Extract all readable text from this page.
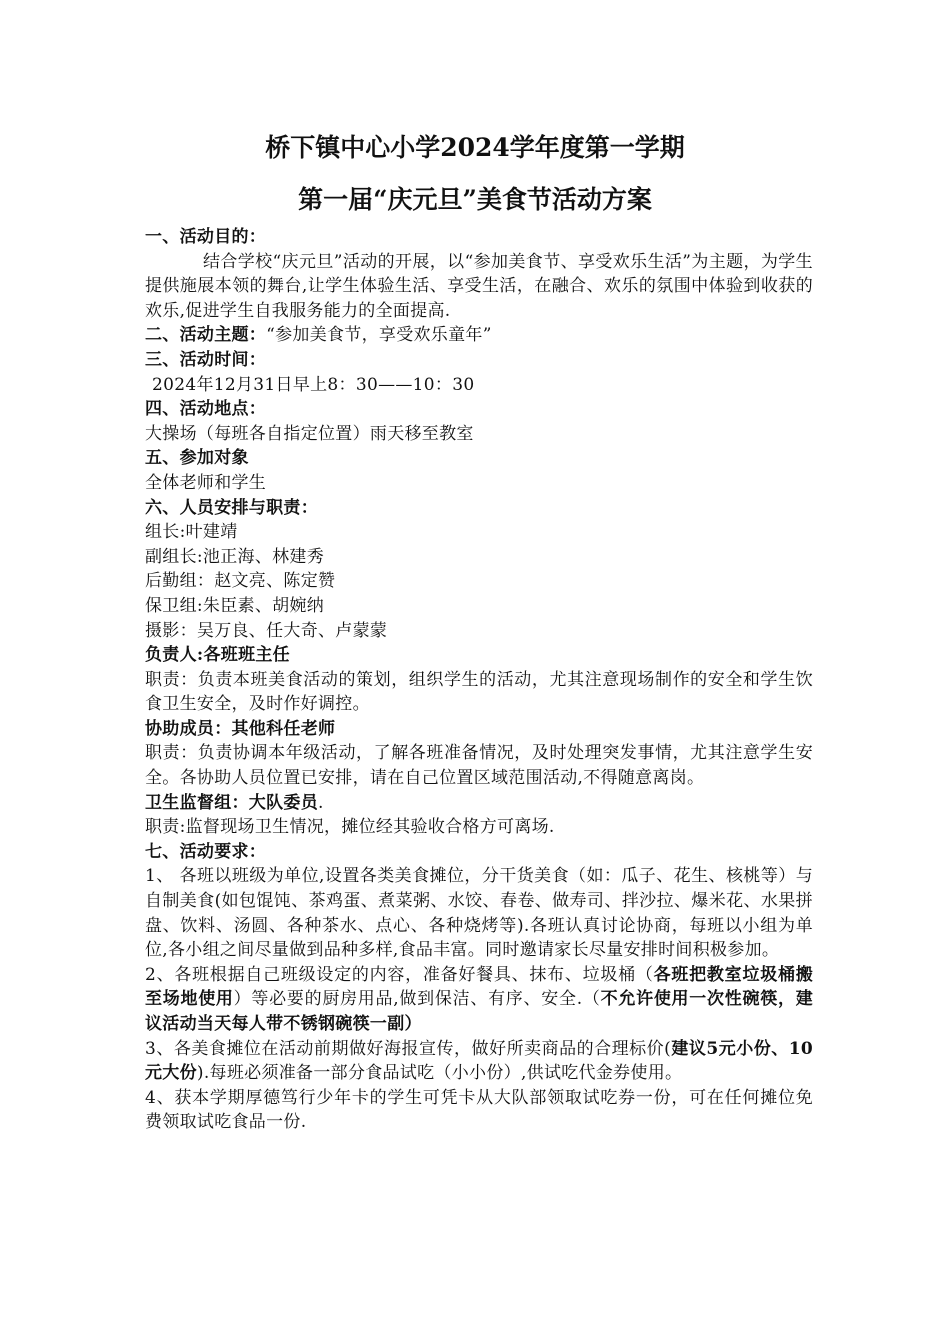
桥下镇中心小学2024学年度第一学期
第一届“庆元旦”美食节活动方案

一、活动目的：

结合学校“庆元旦”活动的开展，以“参加美食节、享受欢乐生活”为主题，为学生提供施展本领的舞台,让学生体验生活、享受生活，在融合、欢乐的氛围中体验到收获的欢乐,促进学生自我服务能力的全面提高.

二、活动主题：“参加美食节，享受欢乐童年”

三、活动时间：

2024年12月31日早上8：30——10：30

四、活动地点：

大操场（每班各自指定位置）雨天移至教室

五、参加对象

全体老师和学生

六、人员安排与职责：

组长:叶建靖

副组长:池正海、林建秀

后勤组：赵文亮、陈定赞

保卫组:朱臣素、胡婉纳

摄影：吴万良、任大奇、卢蒙蒙

负责人:各班班主任

职责：负责本班美食活动的策划，组织学生的活动，尤其注意现场制作的安全和学生饮食卫生安全，及时作好调控。

协助成员：其他科任老师

职责：负责协调本年级活动，了解各班准备情况，及时处理突发事情，尤其注意学生安全。各协助人员位置已安排，请在自己位置区域范围活动,不得随意离岗。

卫生监督组：大队委员.

职责:监督现场卫生情况，摊位经其验收合格方可离场.

七、活动要求：

1、 各班以班级为单位,设置各类美食摊位，分干货美食（如：瓜子、花生、核桃等）与自制美食(如包馄饨、茶鸡蛋、煮菜粥、水饺、春卷、做寿司、拌沙拉、爆米花、水果拼盘、饮料、汤圆、各种茶水、点心、各种烧烤等).各班认真讨论协商，每班以小组为单位,各小组之间尽量做到品种多样,食品丰富。同时邀请家长尽量安排时间积极参加。

2、各班根据自己班级设定的内容，准备好餐具、抹布、垃圾桶（各班把教室垃圾桶搬至场地使用）等必要的厨房用品,做到保洁、有序、安全.（不允许使用一次性碗筷，建议活动当天每人带不锈钢碗筷一副）

3、各美食摊位在活动前期做好海报宣传，做好所卖商品的合理标价(建议5元小份、10元大份).每班必须准备一部分食品试吃（小小份）,供试吃代金券使用。

4、获本学期厚德笃行少年卡的学生可凭卡从大队部领取试吃券一份，可在任何摊位免费领取试吃食品一份.
